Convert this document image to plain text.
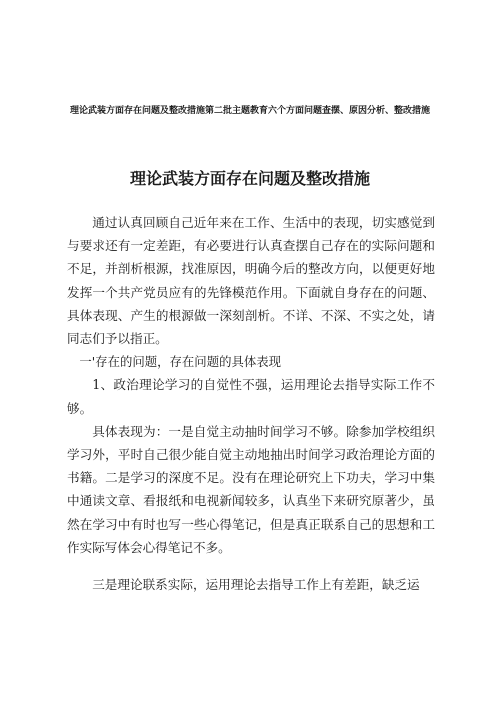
理论武装方面存在问题及整改措施第二批主题教育六个方面问题查摆、原因分析、整改措施
理论武装方面存在问题及整改措施

通过认真回顾自己近年来在工作、生活中的表现，切实感觉到与要求还有一定差距，有必要进行认真查摆自己存在的实际问题和不足，并剖析根源，找准原因，明确今后的整改方向，以便更好地发挥一个共产党员应有的先锋模范作用。下面就自身存在的问题、具体表现、产生的根源做一深刻剖析。不详、不深、不实之处，请同志们予以指正。

一'存在的问题，存在问题的具体表现

1、政治理论学习的自觉性不强，运用理论去指导实际工作不够。

具体表现为：一是自觉主动抽时间学习不够。除参加学校组织学习外，平时自己很少能自觉主动地抽出时间学习政治理论方面的书籍。二是学习的深度不足。没有在理论研究上下功夫，学习中集中通读文章、看报纸和电视新闻较多，认真坐下来研究原著少，虽然在学习中有时也写一些心得笔记，但是真正联系自己的思想和工作实际写体会心得笔记不多。

三是理论联系实际，运用理论去指导工作上有差距，缺乏运
